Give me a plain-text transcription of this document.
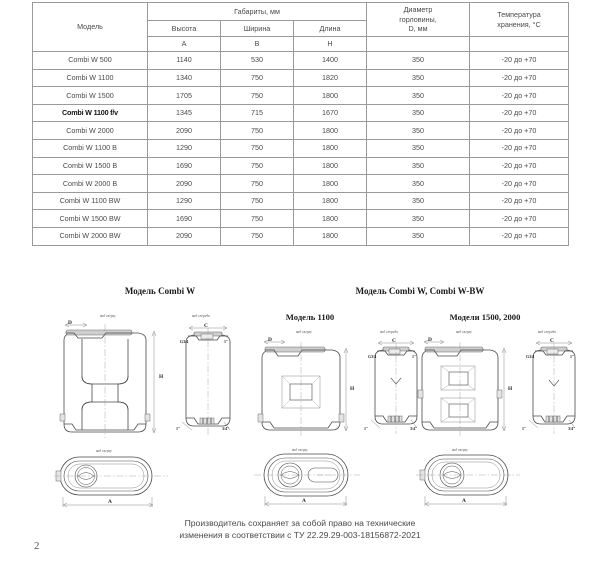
Модель	Габариты, мм			Диаметр
горловины,
D, мм	Температура
хранения, °С
	Высота	Ширина	Длина		
	А	В	Н		
Combi W 500	1140	530	1400	350	-20 до +70
Combi W 1100	1340	750	1820	350	-20 до +70
Combi W 1500	1705	750	1800	350	-20 до +70
Combi W 1100 f/v	1345	715	1670	350	-20 до +70
Combi W 2000	2090	750	1800	350	-20 до +70
Combi W 1100 B	1290	750	1800	350	-20 до +70
Combi W 1500 B	1690	750	1800	350	-20 до +70
Combi W 2000 B	2090	750	1800	350	-20 до +70
Combi W 1100 BW	1290	750	1800	350	-20 до +70
Combi W 1500 BW	1690	750	1800	350	-20 до +70
Combi W 2000 BW	2090	750	1800	350	-20 до +70
Модель Combi W	Модель Combi W, Combi W-BW
Модель 1100	Модели 1500, 2000
вид сверху
D
H
вид спереди
C
G3/4	1"
1"	3/4"
вид сверху
A
вид сверху
D
H
вид спереди
C
G3/4	1"
1"	3/4"
вид сверху
A
вид сверху
D
H
вид спереди
C
G3/4	1"
1"	3/4"
вид сверху
A
Производитель сохраняет за собой право на технические
изменения в соответствии с ТУ 22.29.29-003-18156872-2021
2
